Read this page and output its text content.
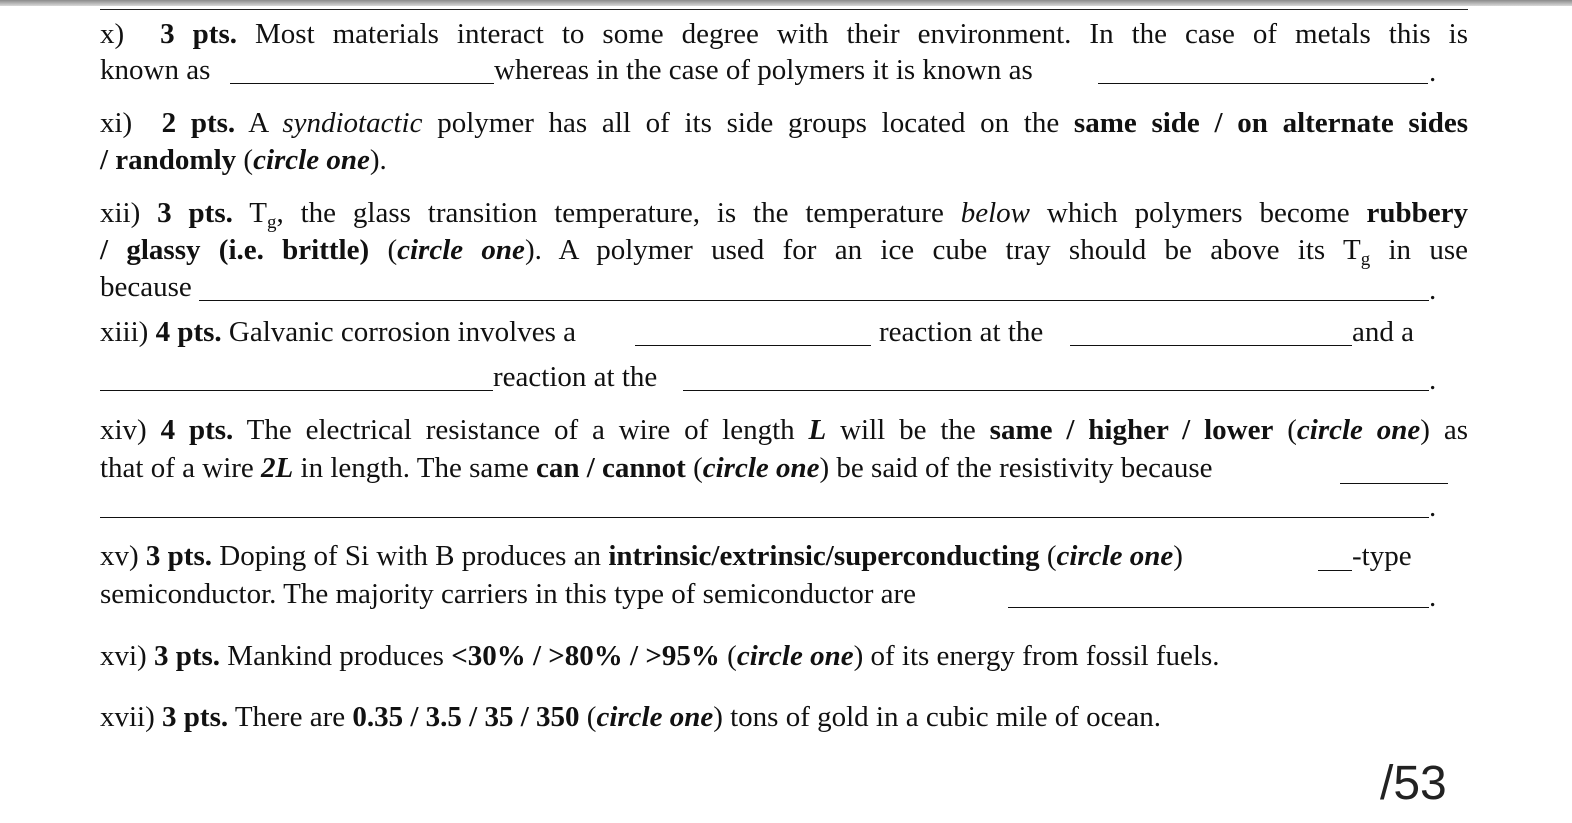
x) 3 pts. Most materials interact to some degree with their environment. In the case of metals this is
known as	whereas in the case of polymers it is known as	.
xi) 2 pts. A syndiotactic polymer has all of its side groups located on the same side / on alternate sides
/ randomly (circle one).
xii) 3 pts. $T_g$, the glass transition temperature, is the temperature below which polymers become rubbery
/ glassy (i.e. brittle) (circle one). A polymer used for an ice cube tray should be above its $T_g$ in use
because	.
xiii) 4 pts. Galvanic corrosion involves a	reaction at the	and a
reaction at the	.
xiv) 4 pts. The electrical resistance of a wire of length L will be the same / higher / lower (circle one) as
that of a wire 2L in length. The same can / cannot (circle one) be said of the resistivity because
.
xv) 3 pts. Doping of Si with B produces an intrinsic/extrinsic/superconducting (circle one)	-type
semiconductor. The majority carriers in this type of semiconductor are	.
xvi) 3 pts. Mankind produces <30% / >80% / >95% (circle one) of its energy from fossil fuels.
xvii) 3 pts. There are 0.35 / 3.5 / 35 / 350 (circle one) tons of gold in a cubic mile of ocean.
/53
